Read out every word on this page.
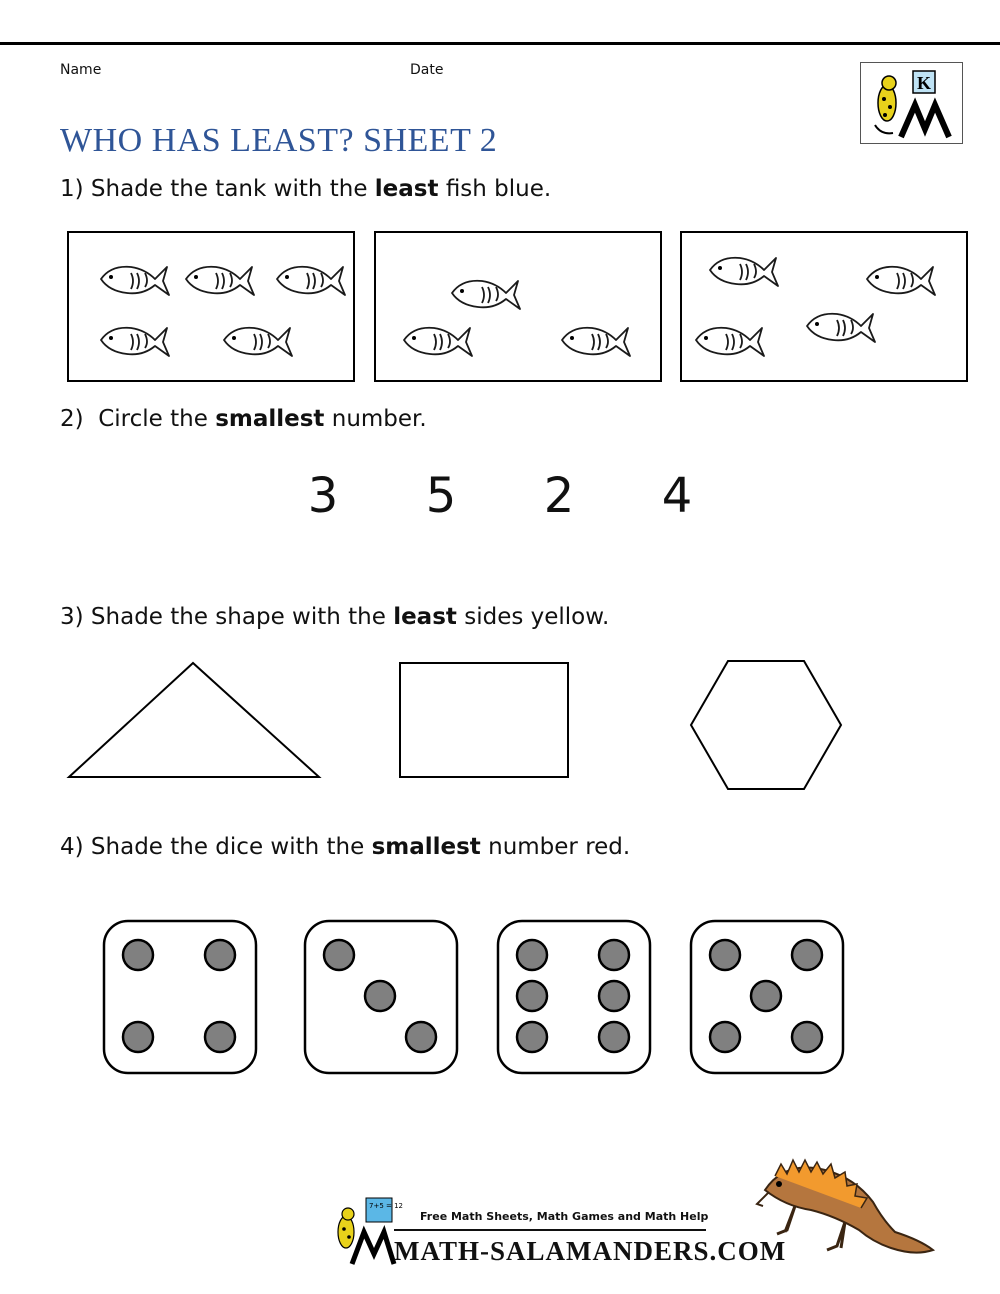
Name	Date
K
WHO HAS LEAST? SHEET 2
1) Shade the tank with the least fish blue.
2) Circle the smallest number.
3	5	2	4
3) Shade the shape with the least sides yellow.
4) Shade the dice with the smallest number red.
7+5 = 12
Free Math Sheets, Math Games and Math Help
MATH-SALAMANDERS.COM
